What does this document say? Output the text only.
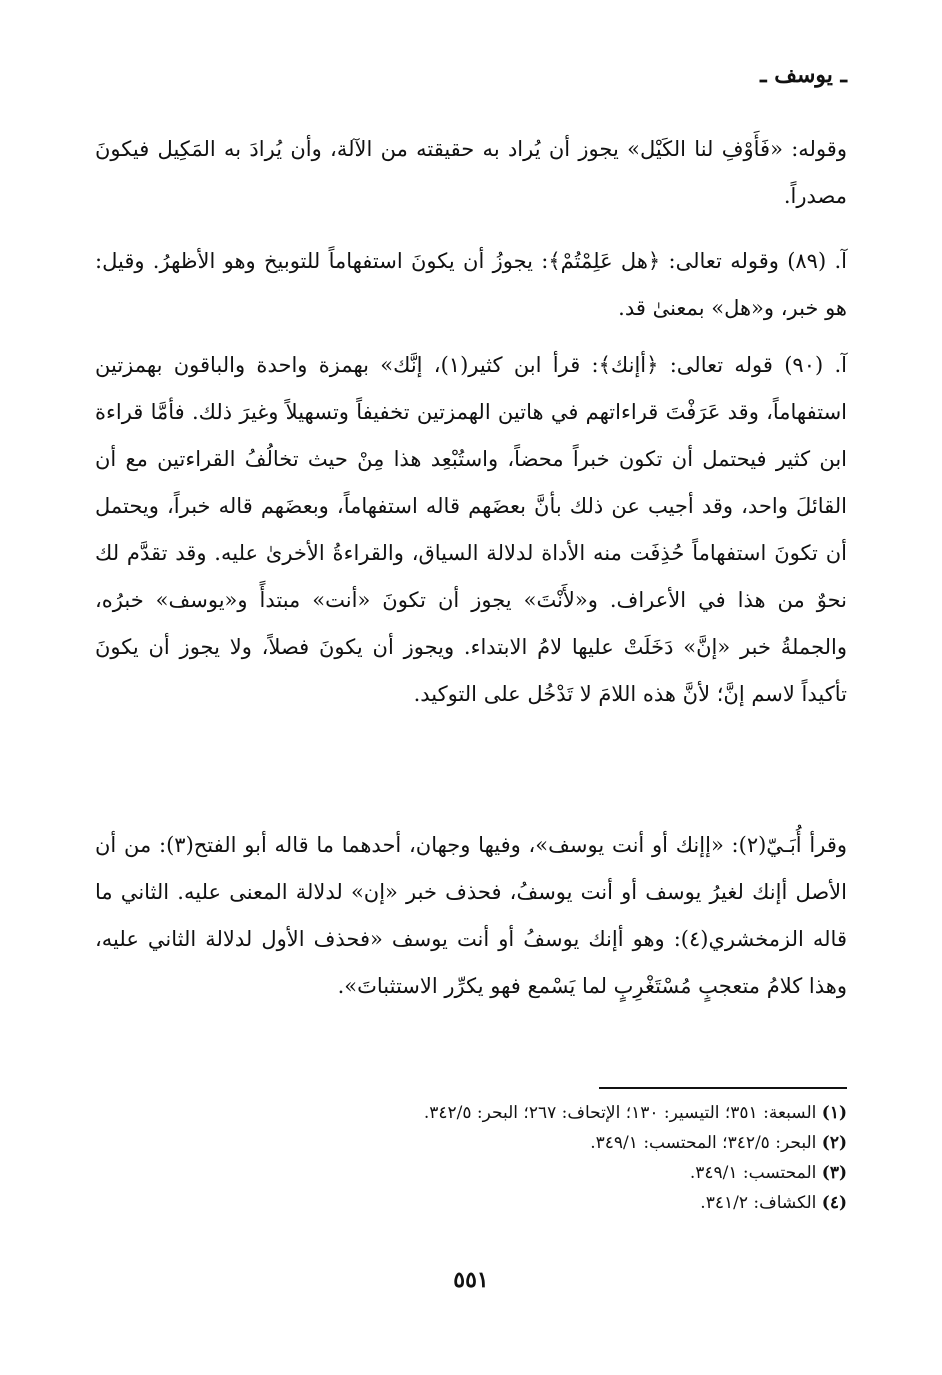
ـ يوسف ـ
وقوله: «فَأَوْفِ لنا الكَيْل» يجوز أن يُراد به حقيقته من الآلة، وأن يُرادَ به المَكِيل فيكونَ مصدراً.
آ. (٨٩) وقوله تعالى: ﴿هل عَلِمْتُمْ﴾: يجوزُ أن يكونَ استفهاماً للتوبيخ وهو الأظهرُ. وقيل: هو خبر، و«هل» بمعنىٰ قد.
آ. (٩٠) قوله تعالى: ﴿أإنك﴾: قرأ ابن كثير(١)، إنَّك» بهمزة واحدة والباقون بهمزتين استفهاماً، وقد عَرَفْتَ قراءاتهم في هاتين الهمزتين تخفيفاً وتسهيلاً وغيرَ ذلك. فأمَّا قراءة ابن كثير فيحتمل أن تكون خبراً محضاً، واستُبْعِد هذا مِنْ حيث تخالُفُ القراءتين مع أن القائلَ واحد، وقد أجيب عن ذلك بأنَّ بعضَهم قاله استفهاماً، وبعضَهم قاله خبراً، ويحتمل أن تكونَ استفهاماً حُذِفَت منه الأداة لدلالة السياق، والقراءةُ الأخرىٰ عليه. وقد تقدَّم لك نحوٌ من هذا في الأعراف. و«لأَنْتَ» يجوز أن تكونَ «أنت» مبتدأً و«يوسف» خبرُه، والجملةُ خبر «إنَّ» دَخَلَتْ عليها لامُ الابتداء. ويجوز أن يكونَ فصلاً، ولا يجوز أن يكونَ تأكيداً لاسم إنَّ؛ لأنَّ هذه اللامَ لا تَدْخُل على التوكيد.
وقرأ أُبَـيّ(٢): «إإنك أو أنت يوسف»، وفيها وجهان، أحدهما ما قاله أبو الفتح(٣): من أن الأصل أإنك لغيرُ يوسف أو أنت يوسفُ، فحذف خبر «إن» لدلالة المعنى عليه. الثاني ما قاله الزمخشري(٤): وهو أإنك يوسفُ أو أنت يوسف «فحذف الأول لدلالة الثاني عليه، وهذا كلامُ متعجبٍ مُسْتَغْرِبٍ لما يَسْمع فهو يكرِّر الاستثباتَ».
(١) السبعة: ٣٥١؛ التيسير: ١٣٠؛ الإتحاف: ٢٦٧؛ البحر: ٣٤٢/٥.
(٢) البحر: ٣٤٢/٥؛ المحتسب: ٣٤٩/١.
(٣) المحتسب: ٣٤٩/١.
(٤) الكشاف: ٣٤١/٢.
٥٥١
